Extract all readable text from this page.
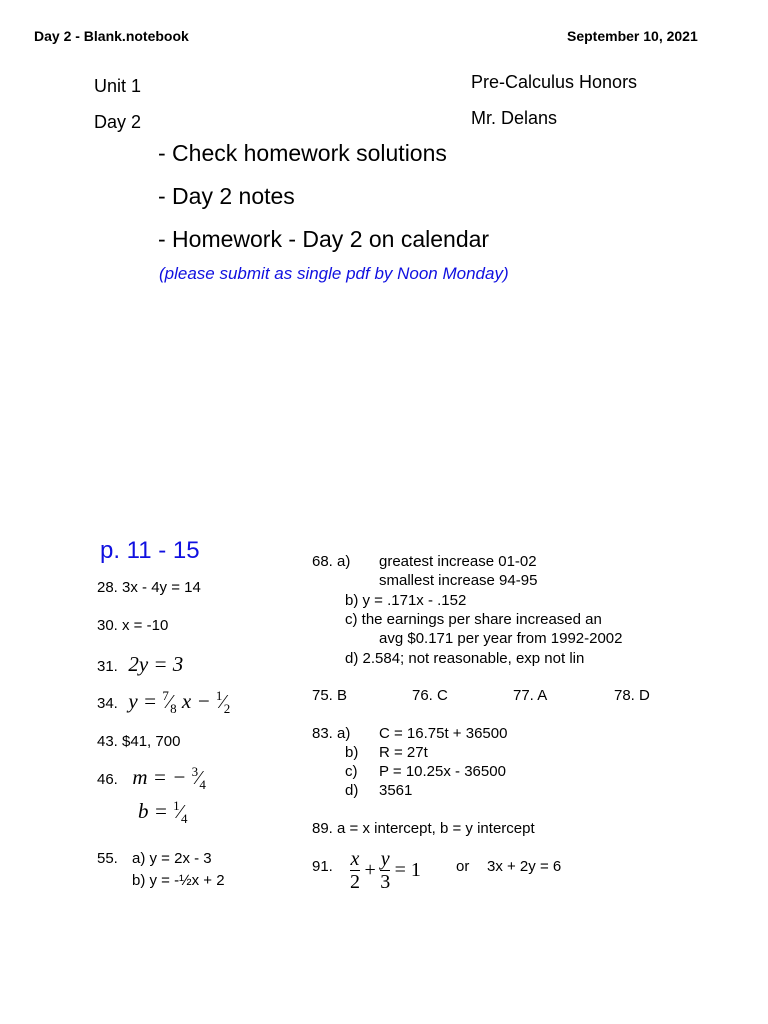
Day 2 - Blank.notebook	September 10, 2021
Unit 1
Day 2
Pre-Calculus Honors
Mr. Delans
- Check homework solutions
- Day 2 notes
- Homework - Day 2 on calendar
(please submit as single pdf by Noon Monday)
p. 11 - 15
28. 3x - 4y = 14
30. x = -10
31. 2y = 3
34. $y = ^7⁄_8$ $x - ^1⁄_2$
43. $41, 700
46. m = − $^3⁄_4$
$b = ^1⁄_4$
55. a) y = 2x - 3
b) y = -½x + 2
68. a) greatest increase 01-02
smallest increase 94-95
b) y = .171x - .152
c) the earnings per share increased an
avg $0.171 per year from 1992-2002
d) 2.584; not reasonable, exp not lin
75. B	76. C	77. A	78. D
83. a) C = 16.75t + 36500
b) R = 27t
c) P = 10.25x - 36500
d) 3561
89. a = x intercept, b = y intercept
91. $\frac{x}{2} + \frac{y}{3} = 1$ or 3x + 2y = 6
